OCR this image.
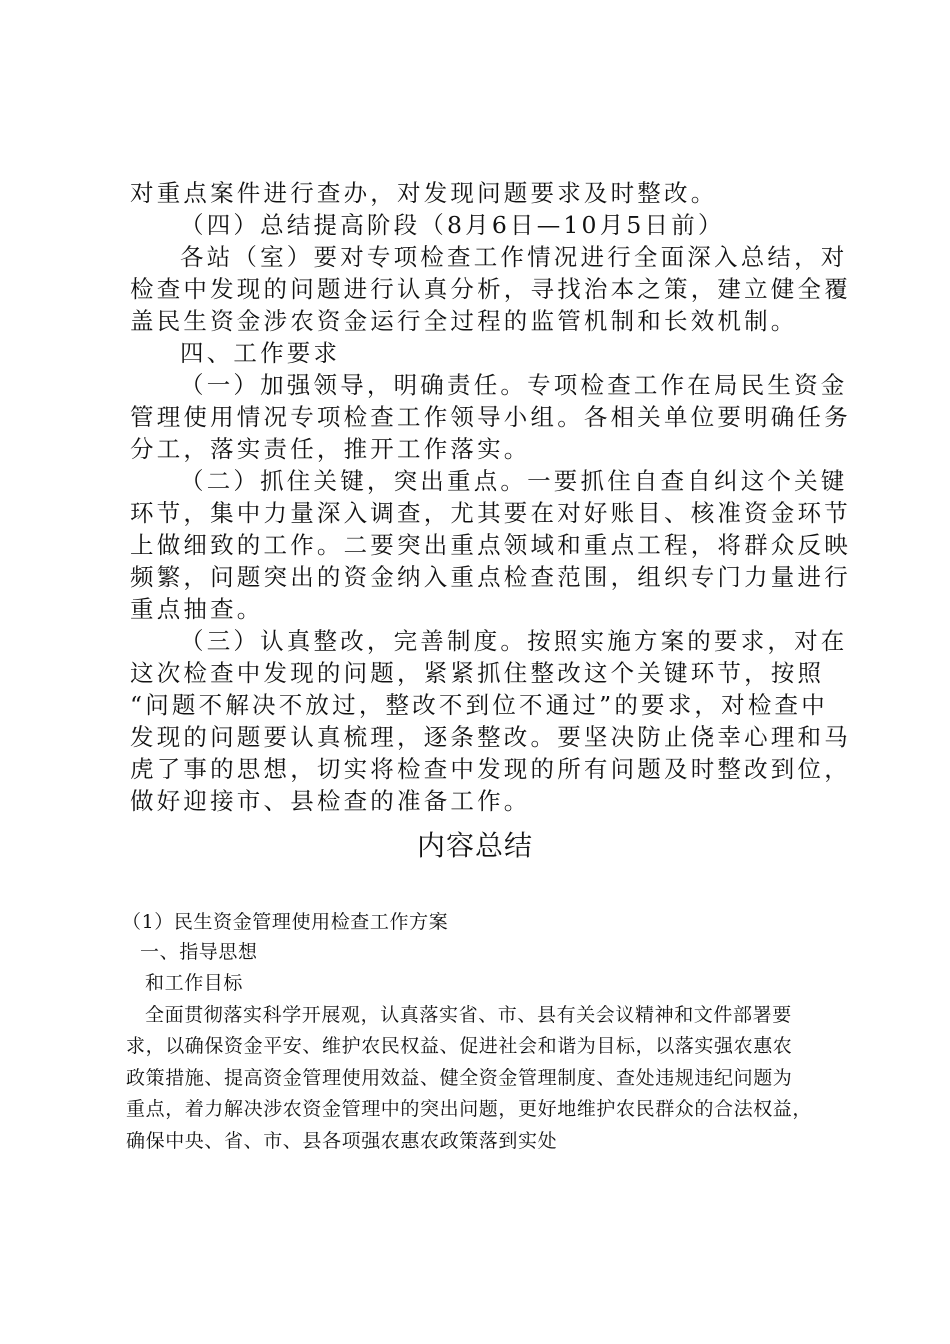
对重点案件进行查办，对发现问题要求及时整改。

（四）总结提高阶段（8月6日—10月5日前）

各站（室）要对专项检查工作情况进行全面深入总结，对

检查中发现的问题进行认真分析，寻找治本之策，建立健全覆

盖民生资金涉农资金运行全过程的监管机制和长效机制。

四、工作要求

（一）加强领导，明确责任。专项检查工作在局民生资金

管理使用情况专项检查工作领导小组。各相关单位要明确任务

分工，落实责任，推开工作落实。

（二）抓住关键，突出重点。一要抓住自查自纠这个关键

环节，集中力量深入调查，尤其要在对好账目、核准资金环节

上做细致的工作。二要突出重点领域和重点工程，将群众反映

频繁，问题突出的资金纳入重点检查范围，组织专门力量进行

重点抽查。

（三）认真整改，完善制度。按照实施方案的要求，对在

这次检查中发现的问题，紧紧抓住整改这个关键环节，按照

“问题不解决不放过，整改不到位不通过”的要求，对检查中

发现的问题要认真梳理，逐条整改。要坚决防止侥幸心理和马

虎了事的思想，切实将检查中发现的所有问题及时整改到位，

做好迎接市、县检查的准备工作。

内容总结

（1）民生资金管理使用检查工作方案

一、指导思想

和工作目标

全面贯彻落实科学开展观，认真落实省、市、县有关会议精神和文件部署要

求，以确保资金平安、维护农民权益、促进社会和谐为目标，以落实强农惠农

政策措施、提高资金管理使用效益、健全资金管理制度、查处违规违纪问题为

重点，着力解决涉农资金管理中的突出问题，更好地维护农民群众的合法权益，

确保中央、省、市、县各项强农惠农政策落到实处
